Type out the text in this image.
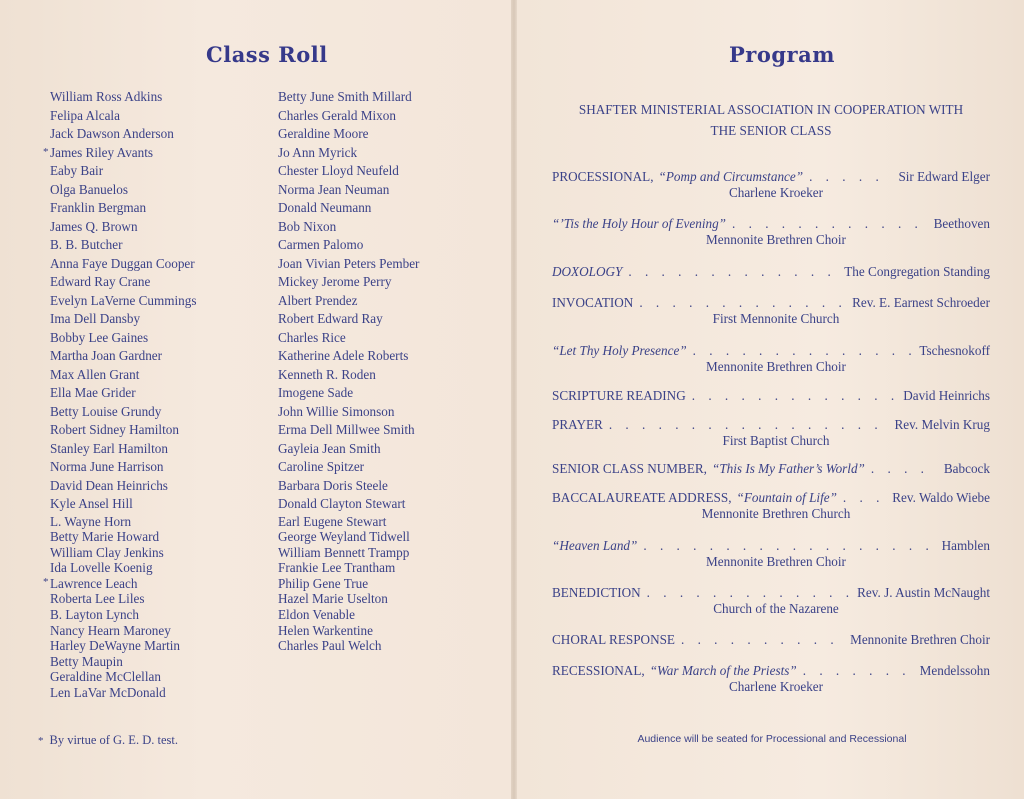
Class Roll
William Ross Adkins
Felipa Alcala
Jack Dawson Anderson
* James Riley Avants
Eaby Bair
Olga Banuelos
Franklin Bergman
James Q. Brown
B. B. Butcher
Anna Faye Duggan Cooper
Edward Ray Crane
Evelyn LaVerne Cummings
Ima Dell Dansby
Bobby Lee Gaines
Martha Joan Gardner
Max Allen Grant
Ella Mae Grider
Betty Louise Grundy
Robert Sidney Hamilton
Stanley Earl Hamilton
Norma June Harrison
David Dean Heinrichs
Kyle Ansel Hill
L. Wayne Horn
Betty Marie Howard
William Clay Jenkins
Ida Lovelle Koenig
* Lawrence Leach
Roberta Lee Liles
B. Layton Lynch
Nancy Hearn Maroney
Harley DeWayne Martin
Betty Maupin
Geraldine McClellan
Len LaVar McDonald
Betty June Smith Millard
Charles Gerald Mixon
Geraldine Moore
Jo Ann Myrick
Chester Lloyd Neufeld
Norma Jean Neuman
Donald Neumann
Bob Nixon
Carmen Palomo
Joan Vivian Peters Pember
Mickey Jerome Perry
Albert Prendez
Robert Edward Ray
Charles Rice
Katherine Adele Roberts
Kenneth R. Roden
Imogene Sade
John Willie Simonson
Erma Dell Millwee Smith
Gayleia Jean Smith
Caroline Spitzer
Barbara Doris Steele
Donald Clayton Stewart
Earl Eugene Stewart
George Weyland Tidwell
William Bennett Trampp
Frankie Lee Trantham
Philip Gene True
Hazel Marie Uselton
Eldon Venable
Helen Warkentine
Charles Paul Welch
* By virtue of G. E. D. test.
Program
SHAFTER MINISTERIAL ASSOCIATION IN COOPERATION WITH
THE SENIOR CLASS
PROCESSIONAL, “Pomp and Circumstance” . . .	Sir Edward Elger
Charlene Kroeker
“’Tis the Holy Hour of Evening” . . .	Beethoven
Mennonite Brethren Choir
DOXOLOGY . . .	The Congregation Standing
INVOCATION . . .	Rev. E. Earnest Schroeder
First Mennonite Church
“Let Thy Holy Presence” . . .	Tschesnokoff
Mennonite Brethren Choir
SCRIPTURE READING . . .	David Heinrichs
PRAYER . . .	Rev. Melvin Krug
First Baptist Church
SENIOR CLASS NUMBER, “This Is My Father’s World” . . .	Babcock
BACCALAUREATE ADDRESS, “Fountain of Life” . . .	Rev. Waldo Wiebe
Mennonite Brethren Church
“Heaven Land” . . .	Hamblen
Mennonite Brethren Choir
BENEDICTION . . .	Rev. J. Austin McNaught
Church of the Nazarene
CHORAL RESPONSE . . .	Mennonite Brethren Choir
RECESSIONAL, “War March of the Priests” . . .	Mendelssohn
Charlene Kroeker
Audience will be seated for Processional and Recessional
